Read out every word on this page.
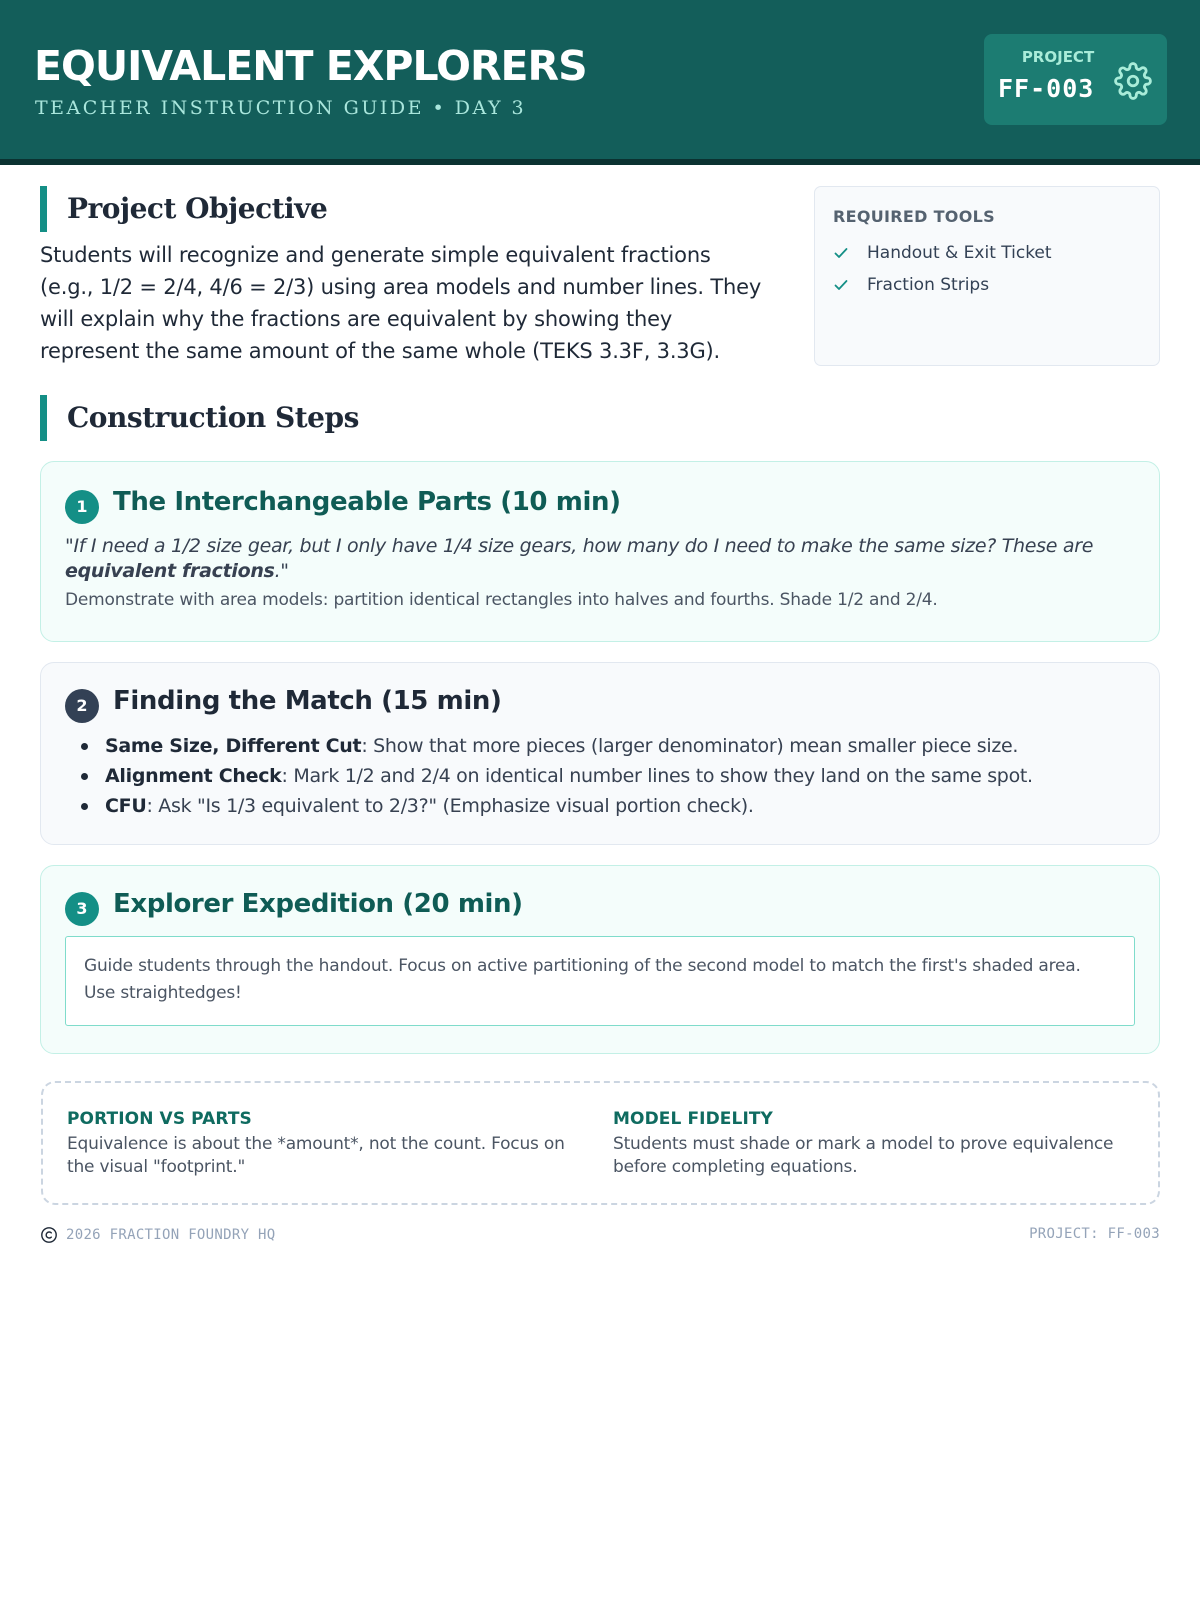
EQUIVALENT EXPLORERS
TEACHER INSTRUCTION GUIDE • DAY 3
PROJECT
FF-003
Project Objective
Students will recognize and generate simple equivalent fractions (e.g., 1/2 = 2/4, 4/6 = 2/3) using area models and number lines. They will explain why the fractions are equivalent by showing they represent the same amount of the same whole (TEKS 3.3F, 3.3G).
REQUIRED TOOLS
Handout & Exit Ticket
Fraction Strips
Construction Steps
1 The Interchangeable Parts (10 min)
"If I need a 1/2 size gear, but I only have 1/4 size gears, how many do I need to make the same size? These are equivalent fractions."
Demonstrate with area models: partition identical rectangles into halves and fourths. Shade 1/2 and 2/4.
2 Finding the Match (15 min)
Same Size, Different Cut: Show that more pieces (larger denominator) mean smaller piece size.
Alignment Check: Mark 1/2 and 2/4 on identical number lines to show they land on the same spot.
CFU: Ask "Is 1/3 equivalent to 2/3?" (Emphasize visual portion check).
3 Explorer Expedition (20 min)
Guide students through the handout. Focus on active partitioning of the second model to match the first's shaded area. Use straightedges!
PORTION VS PARTS
Equivalence is about the *amount*, not the count. Focus on the visual "footprint."
MODEL FIDELITY
Students must shade or mark a model to prove equivalence before completing equations.
2026 FRACTION FOUNDRY HQ	PROJECT: FF-003
